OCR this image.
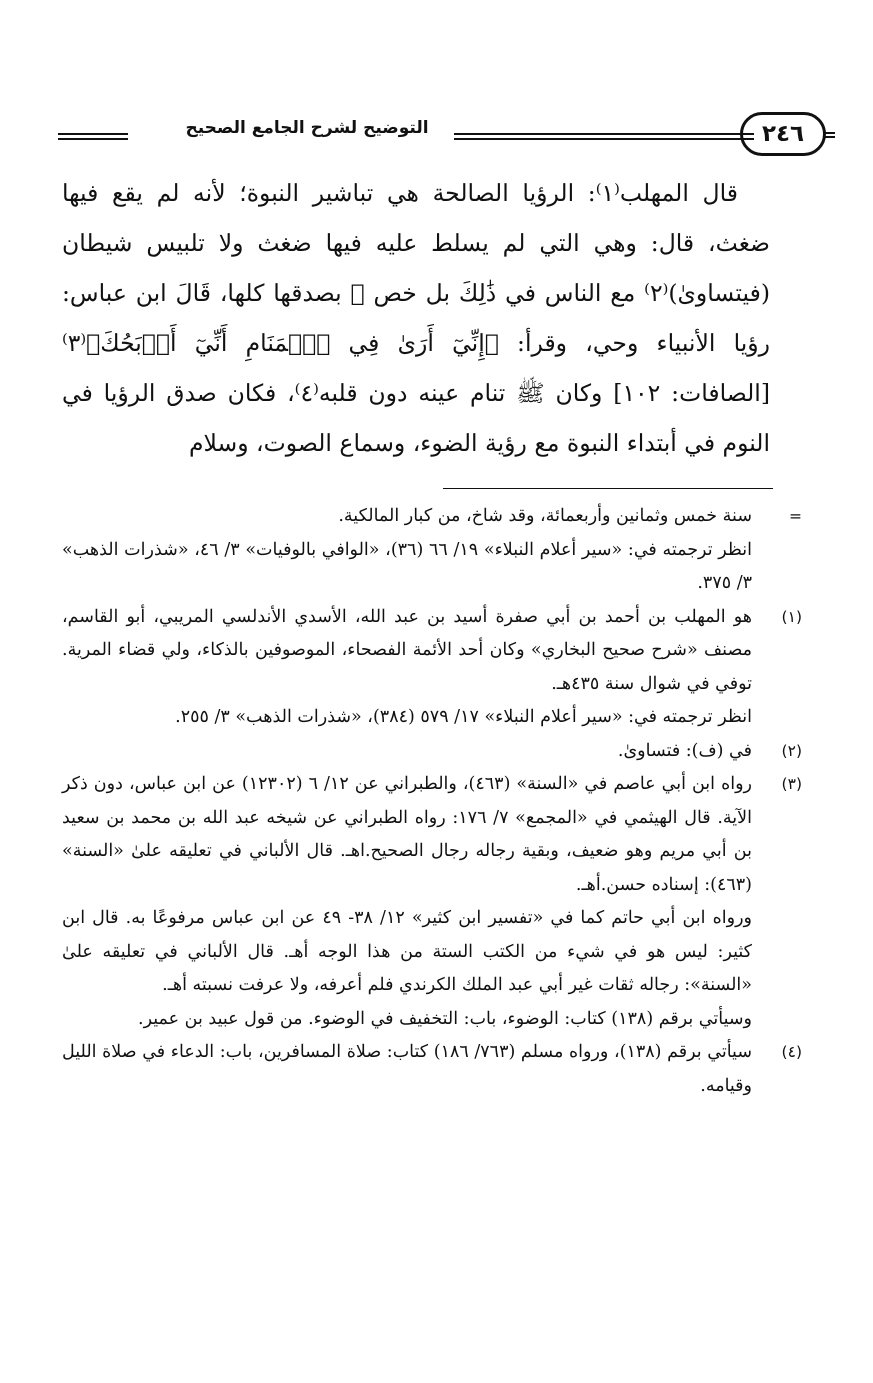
٢٤٦
التوضيح لشرح الجامع الصحيح

قال المهلب⁽١⁾: الرؤيا الصالحة هي تباشير النبوة؛ لأنه لم يقع فيها ضغث، قال: وهي التي لم يسلط عليه فيها ضغث ولا تلبيس شيطان (فيتساوىٰ)⁽٢⁾ مع الناس في ذَٰلِكَ بل خص ﷺ بصدقها كلها، قَالَ ابن عباس: رؤيا الأنبياء وحي، وقرأ: ﴿إِنِّيٓ أَرَىٰ فِي ٱلۡمَنَامِ أَنِّيٓ أَذۡبَحُكَ﴾⁽٣⁾ [الصافات: ١٠٢] وكان ﷺ تنام عينه دون قلبه⁽٤⁾، فكان صدق الرؤيا في النوم في أبتداء النبوة مع رؤية الضوء، وسماع الصوت، وسلام

=
سنة خمس وثمانين وأربعمائة، وقد شاخ، من كبار المالكية.
انظر ترجمته في: «سير أعلام النبلاء» ١٩/ ٦٦ (٣٦)، «الوافي بالوفيات» ٣/ ٤٦، «شذرات الذهب» ٣/ ٣٧٥.
(١)
هو المهلب بن أحمد بن أبي صفرة أسيد بن عبد الله، الأسدي الأندلسي المريبي، أبو القاسم، مصنف «شرح صحيح البخاري» وكان أحد الأئمة الفصحاء، الموصوفين بالذكاء، ولي قضاء المرية. توفي في شوال سنة ٤٣٥هـ.
انظر ترجمته في: «سير أعلام النبلاء» ١٧/ ٥٧٩ (٣٨٤)، «شذرات الذهب» ٣/ ٢٥٥.
(٢)
في (ف): فتساوىٰ.
(٣)
رواه ابن أبي عاصم في «السنة» (٤٦٣)، والطبراني عن ١٢/ ٦ (١٢٣٠٢) عن ابن عباس، دون ذكر الآية. قال الهيثمي في «المجمع» ٧/ ١٧٦: رواه الطبراني عن شيخه عبد الله بن محمد بن سعيد بن أبي مريم وهو ضعيف، وبقية رجاله رجال الصحيح.اهـ. قال الألباني في تعليقه علىٰ «السنة» (٤٦٣): إسناده حسن.أهـ.
ورواه ابن أبي حاتم كما في «تفسير ابن كثير» ١٢/ ٣٨- ٤٩ عن ابن عباس مرفوعًا به. قال ابن كثير: ليس هو في شيء من الكتب الستة من هذا الوجه أهـ. قال الألباني في تعليقه علىٰ «السنة»: رجاله ثقات غير أبي عبد الملك الكرندي فلم أعرفه، ولا عرفت نسبته أهـ.
وسيأتي برقم (١٣٨) كتاب: الوضوء، باب: التخفيف في الوضوء. من قول عبيد بن عمير.
(٤)
سيأتي برقم (١٣٨)، ورواه مسلم (٧٦٣/ ١٨٦) كتاب: صلاة المسافرين، باب: الدعاء في صلاة الليل وقيامه.
